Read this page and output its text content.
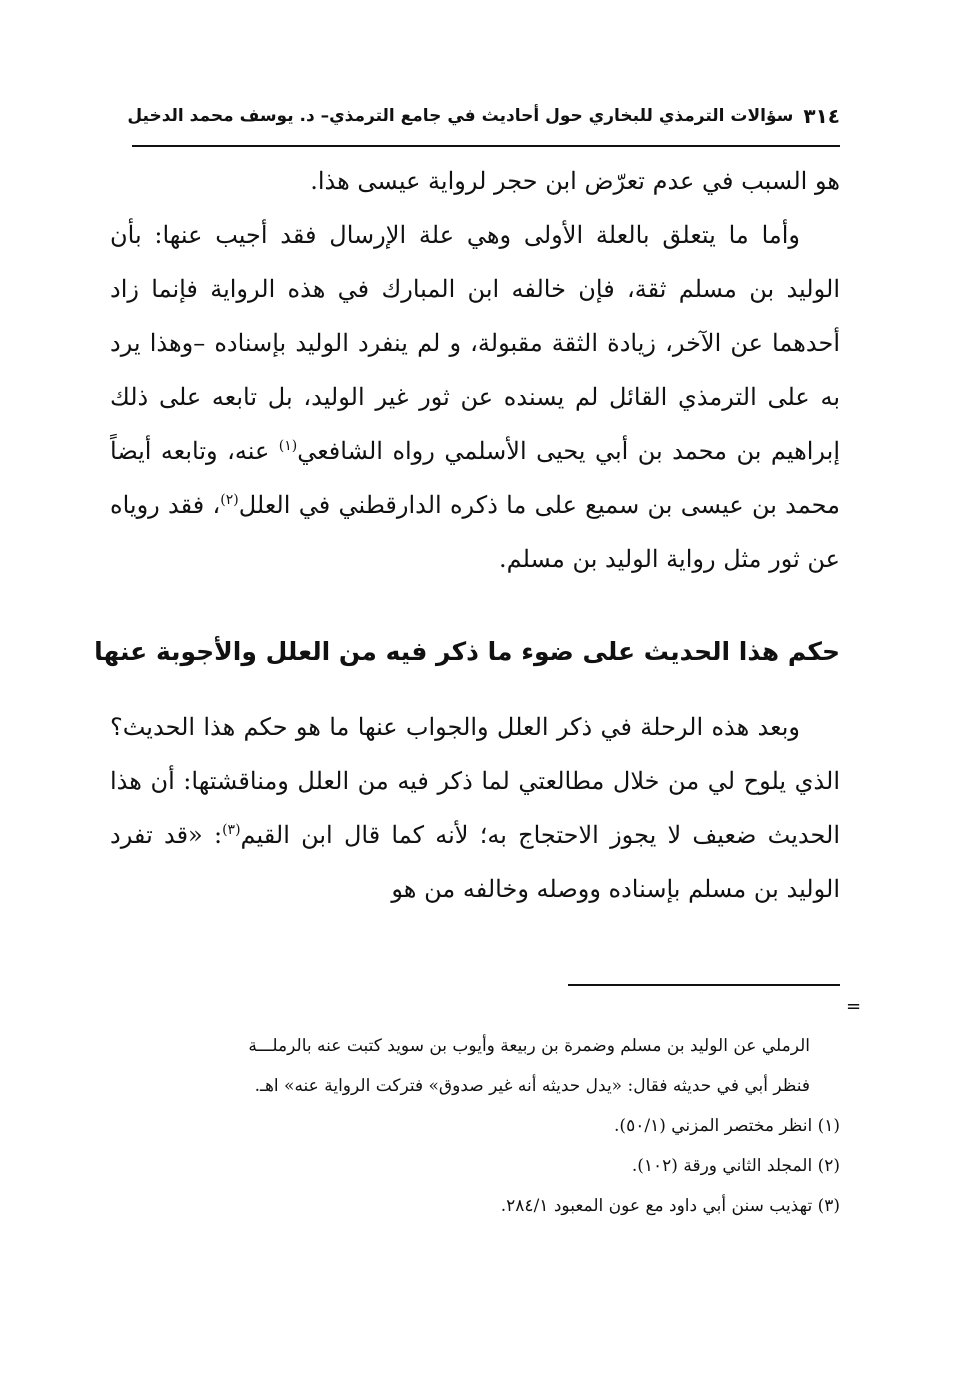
٣١٤
سؤالات الترمذي للبخاري حول أحاديث في جامع الترمذي– د. يوسف محمد الدخيل

هو السبب في عدم تعرّض ابن حجر لرواية عيسى هذا.

وأما ما يتعلق بالعلة الأولى وهي علة الإرسال فقد أجيب عنها: بأن الوليد بن مسلم ثقة، فإن خالفه ابن المبارك في هذه الرواية فإنما زاد أحدهما عن الآخر، زيادة الثقة مقبولة، و لم ينفرد الوليد بإسناده –وهذا يرد به على الترمذي القائل لم يسنده عن ثور غير الوليد، بل تابعه على ذلك إبراهيم بن محمد بن أبي يحيى الأسلمي رواه الشافعي$^{(١)}$ عنه، وتابعه أيضاً محمد بن عيسى بن سميع على ما ذكره الدارقطني في العلل$^{(٢)}$، فقد روياه عن ثور مثل رواية الوليد بن مسلم.

حكم هذا الحديث على ضوء ما ذكر فيه من العلل والأجوبة عنها

وبعد هذه الرحلة في ذكر العلل والجواب عنها ما هو حكم هذا الحديث؟ الذي يلوح لي من خلال مطالعتي لما ذكر فيه من العلل ومناقشتها: أن هذا الحديث ضعيف لا يجوز الاحتجاج به؛ لأنه كما قال ابن القيم$^{(٣)}$: «قد تفرد الوليد بن مسلم بإسناده ووصله وخالفه من هو

=

الرملي عن الوليد بن مسلم وضمرة بن ربيعة وأيوب بن سويد كتبت عنه بالرملـــة

فنظر أبي في حديثه فقال: «يدل حديثه أنه غير صدوق» فتركت الرواية عنه» اهـ.

(١) انظر مختصر المزني (٥٠/١).

(٢) المجلد الثاني ورقة (١٠٢).

(٣) تهذيب سنن أبي داود مع عون المعبود ٢٨٤/١.
